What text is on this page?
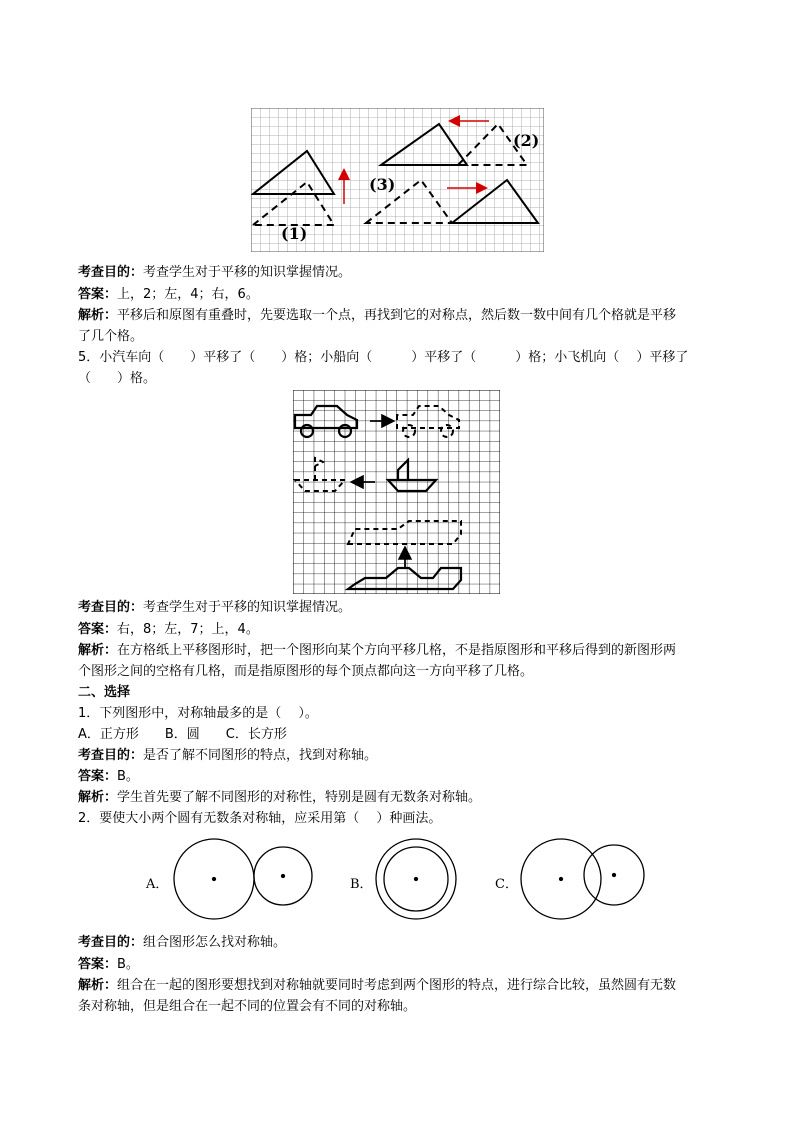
(2)
(3)
(1)
考查目的：考查学生对于平移的知识掌握情况。
答案：上，2；左，4；右，6。
解析：平移后和原图有重叠时，先要选取一个点，再找到它的对称点，然后数一数中间有几个格就是平移
了几个格。
5．小汽车向（　　）平移了（　　）格；小船向（　　　）平移了（　　　）格；小飞机向（　 ）平移了
（　　）格。
考查目的：考查学生对于平移的知识掌握情况。
答案：右，8；左，7；上，4。
解析：在方格纸上平移图形时，把一个图形向某个方向平移几格，不是指原图形和平移后得到的新图形两
个图形之间的空格有几格，而是指原图形的每个顶点都向这一方向平移了几格。
二、选择
1．下列图形中，对称轴最多的是（　 ）。
A．正方形　　B．圆　　C．长方形
考查目的：是否了解不同图形的特点，找到对称轴。
答案：B。
解析：学生首先要了解不同图形的对称性，特别是圆有无数条对称轴。
2．要使大小两个圆有无数条对称轴，应采用第（　 ）种画法。
A．	B．	C．
考查目的：组合图形怎么找对称轴。
答案：B。
解析：组合在一起的图形要想找到对称轴就要同时考虑到两个图形的特点，进行综合比较，虽然圆有无数
条对称轴，但是组合在一起不同的位置会有不同的对称轴。
